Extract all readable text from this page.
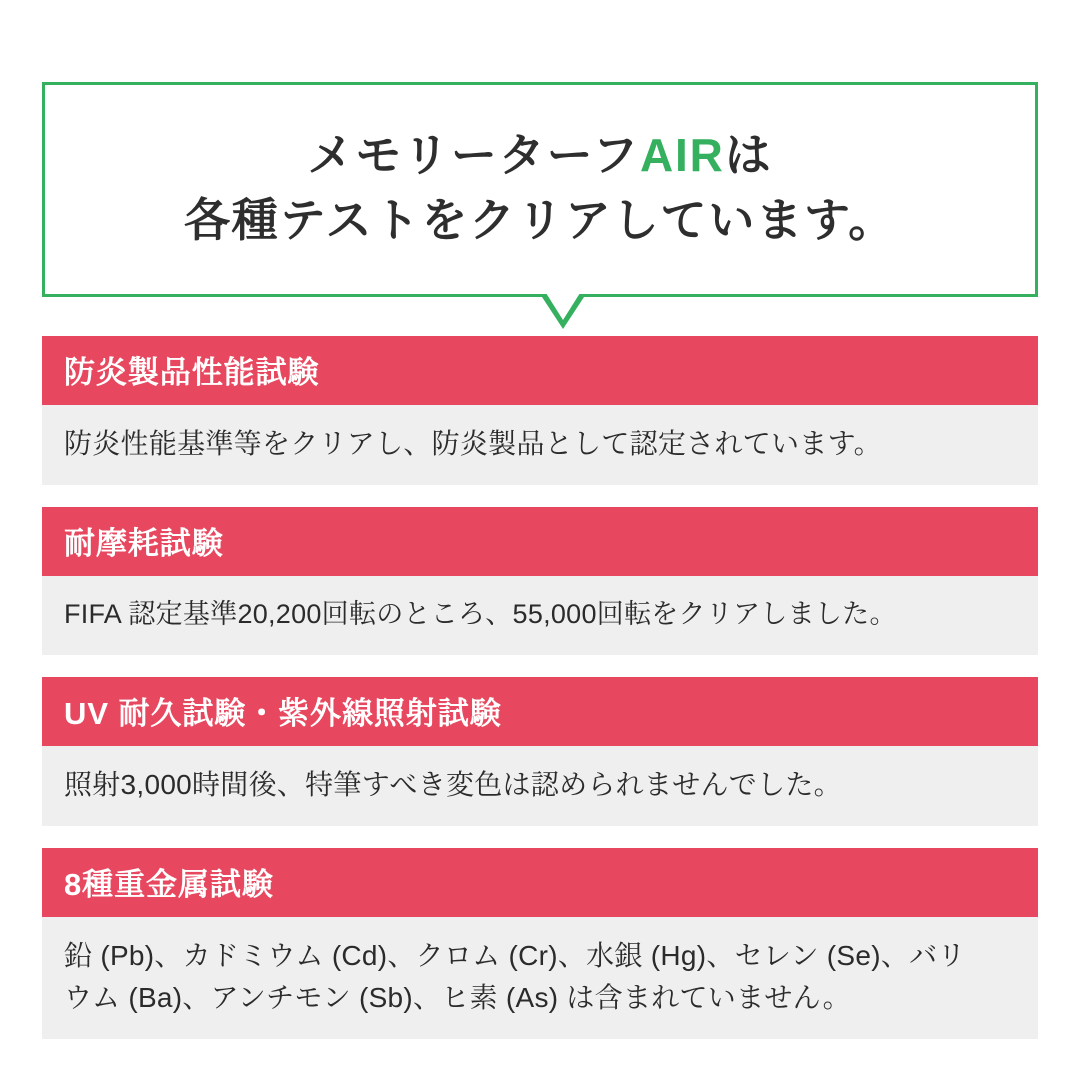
メモリーターフAIRは
各種テストをクリアしています。
防炎製品性能試験
防炎性能基準等をクリアし、防炎製品として認定されています。
耐摩耗試験
FIFA 認定基準20,200回転のところ、55,000回転をクリアしました。
UV 耐久試験・紫外線照射試験
照射3,000時間後、特筆すべき変色は認められませんでした。
8種重金属試験
鉛 (Pb)、カドミウム (Cd)、クロム (Cr)、水銀 (Hg)、セレン (Se)、バリ
ウム (Ba)、アンチモン (Sb)、ヒ素 (As) は含まれていません。
